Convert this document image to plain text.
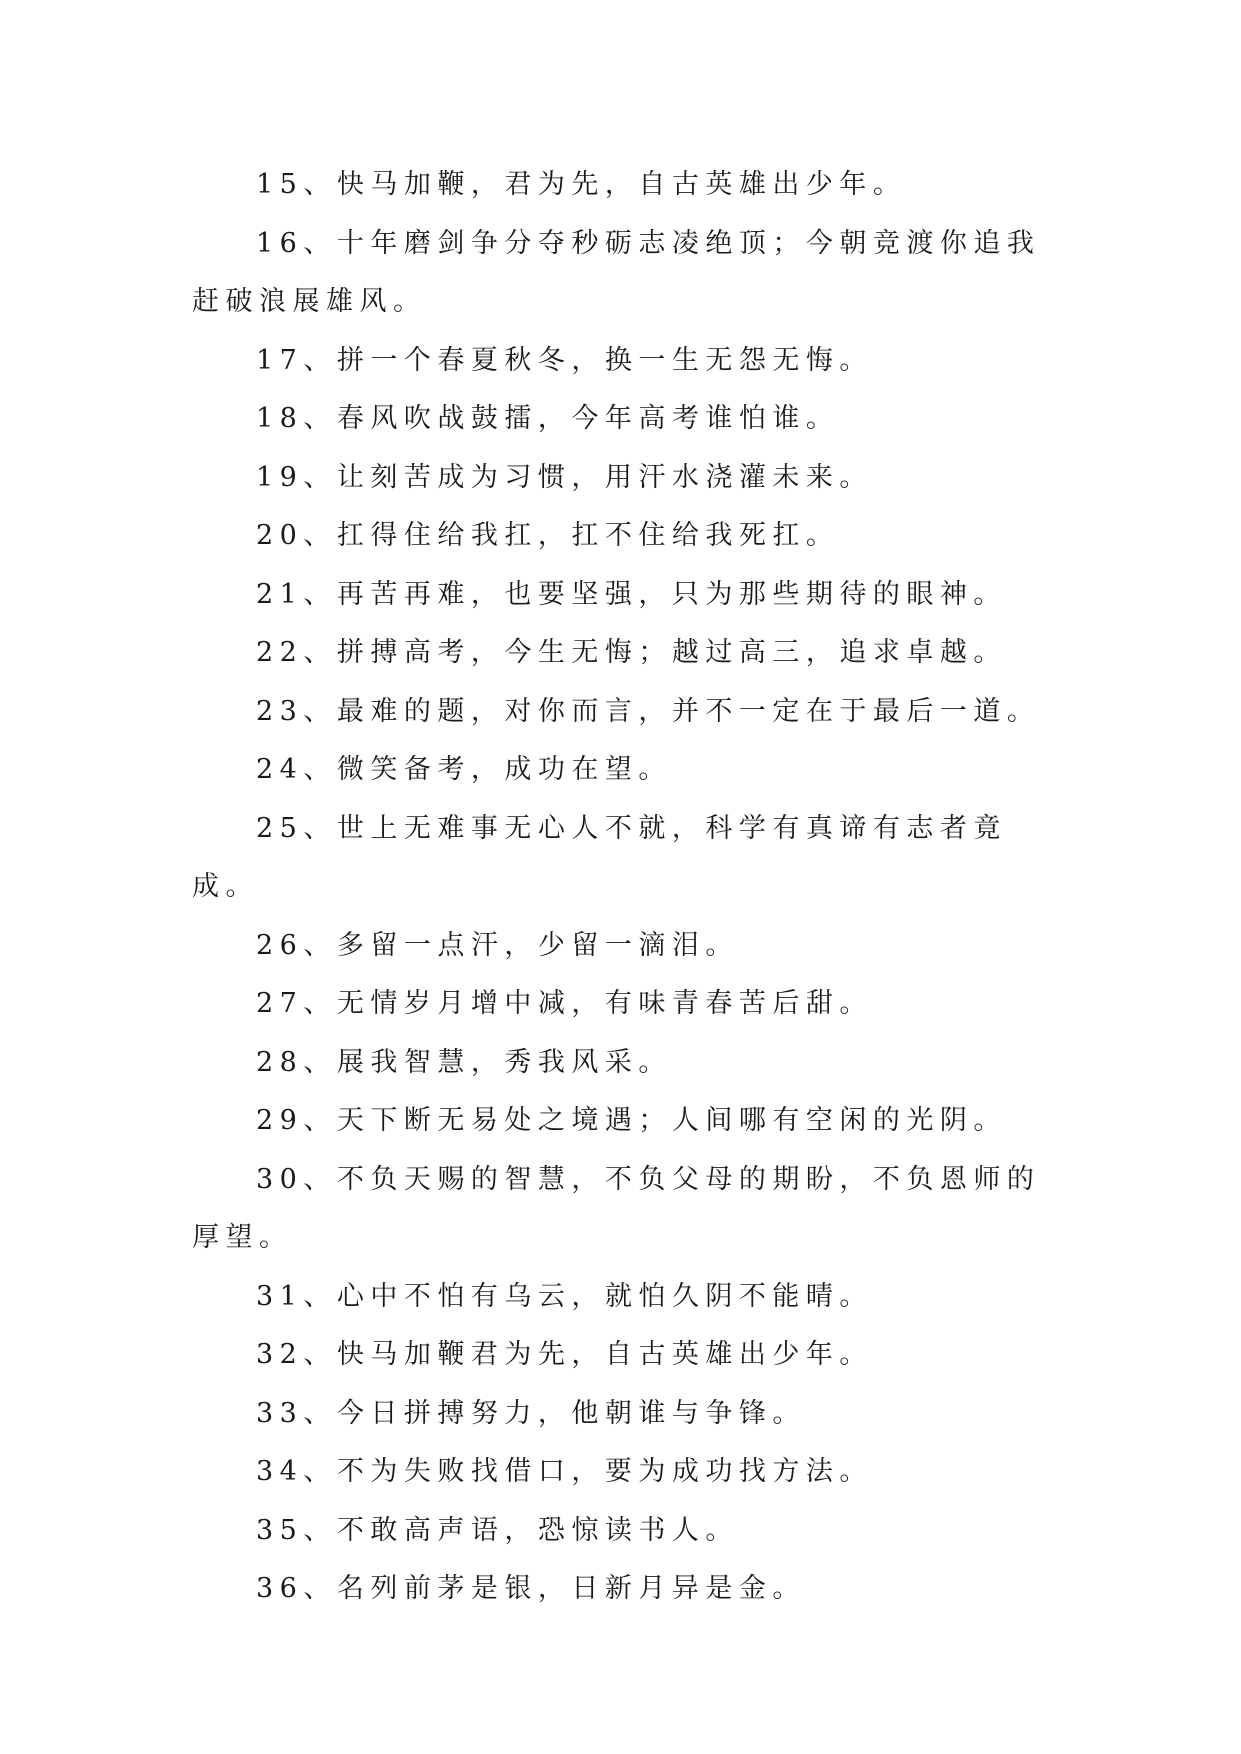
15、快马加鞭，君为先，自古英雄出少年。

16、十年磨剑争分夺秒砺志凌绝顶；今朝竞渡你追我赶破浪展雄风。

17、拼一个春夏秋冬，换一生无怨无悔。

18、春风吹战鼓擂，今年高考谁怕谁。

19、让刻苦成为习惯，用汗水浇灌未来。

20、扛得住给我扛，扛不住给我死扛。

21、再苦再难，也要坚强，只为那些期待的眼神。

22、拼搏高考，今生无悔；越过高三，追求卓越。

23、最难的题，对你而言，并不一定在于最后一道。

24、微笑备考，成功在望。

25、世上无难事无心人不就，科学有真谛有志者竟成。

26、多留一点汗，少留一滴泪。

27、无情岁月增中减，有味青春苦后甜。

28、展我智慧，秀我风采。

29、天下断无易处之境遇；人间哪有空闲的光阴。

30、不负天赐的智慧，不负父母的期盼，不负恩师的厚望。

31、心中不怕有乌云，就怕久阴不能晴。

32、快马加鞭君为先，自古英雄出少年。

33、今日拼搏努力，他朝谁与争锋。

34、不为失败找借口，要为成功找方法。

35、不敢高声语，恐惊读书人。

36、名列前茅是银，日新月异是金。
